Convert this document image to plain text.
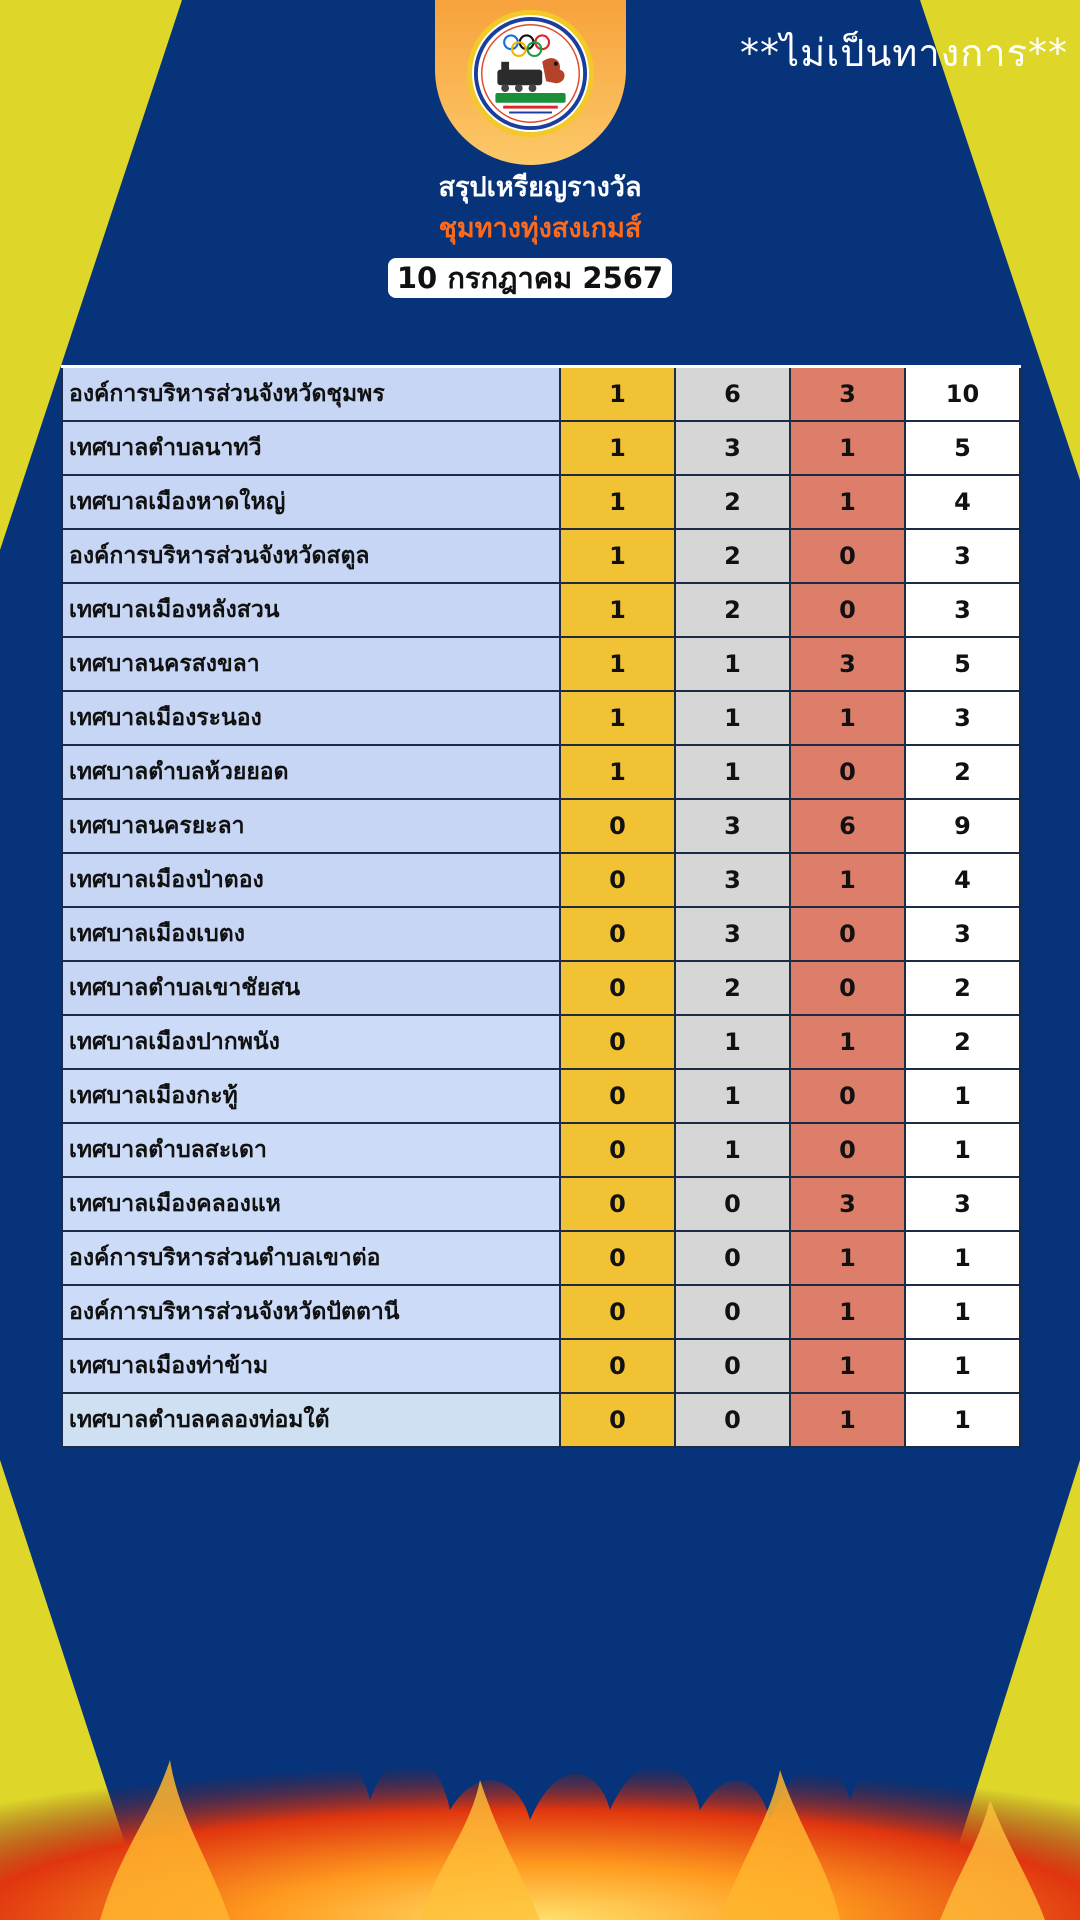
**ไม่เป็นทางการ**
สรุปเหรียญรางวัล
ชุมทางทุ่งสงเกมส์
10 กรกฎาคม 2567
องค์การบริหารส่วนจังหวัดชุมพร	1	6	3	10
เทศบาลตำบลนาทวี	1	3	1	5
เทศบาลเมืองหาดใหญ่	1	2	1	4
องค์การบริหารส่วนจังหวัดสตูล	1	2	0	3
เทศบาลเมืองหลังสวน	1	2	0	3
เทศบาลนครสงขลา	1	1	3	5
เทศบาลเมืองระนอง	1	1	1	3
เทศบาลตำบลห้วยยอด	1	1	0	2
เทศบาลนครยะลา	0	3	6	9
เทศบาลเมืองป่าตอง	0	3	1	4
เทศบาลเมืองเบตง	0	3	0	3
เทศบาลตำบลเขาชัยสน	0	2	0	2
เทศบาลเมืองปากพนัง	0	1	1	2
เทศบาลเมืองกะทู้	0	1	0	1
เทศบาลตำบลสะเดา	0	1	0	1
เทศบาลเมืองคลองแห	0	0	3	3
องค์การบริหารส่วนตำบลเขาต่อ	0	0	1	1
องค์การบริหารส่วนจังหวัดปัตตานี	0	0	1	1
เทศบาลเมืองท่าข้าม	0	0	1	1
เทศบาลตำบลคลองท่อมใต้	0	0	1	1
